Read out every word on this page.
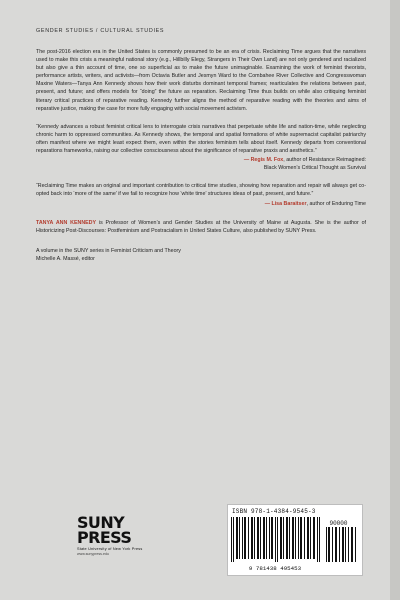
GENDER STUDIES / CULTURAL STUDIES

The post-2016 election era in the United States is commonly presumed to be an era of crisis. Reclaiming Time argues that the narratives used to make this crisis a meaningful national story (e.g., Hillbilly Elegy, Strangers in Their Own Land) are not only gendered and racialized but also give a thin account of time, one so superficial as to make the future unimaginable. Examining the work of feminist theorists, performance artists, writers, and activists—from Octavia Butler and Jesmyn Ward to the Combahee River Collective and Congresswoman Maxine Waters—Tanya Ann Kennedy shows how their work disturbs dominant temporal frames; rearticulates the relations between past, present, and future; and offers models for “doing” the future as reparation. Reclaiming Time thus builds on while also critiquing feminist literary critical practices of reparative reading. Kennedy further aligns the method of reparative reading with the theories and aims of reparative justice, making the case for more fully engaging with social movement activism.

“Kennedy advances a robust feminist critical lens to interrogate crisis narratives that perpetuate white life and nation-time, while neglecting chronic harm to oppressed communities. As Kennedy shows, the temporal and spatial formations of white supremacist capitalist patriarchy often manifest where we might least expect them, even within the stories feminism tells about itself. Kennedy departs from conventional reparations frameworks, raising our collective consciousness about the significance of reparative praxis and aesthetics.”

— Regis M. Fox, author of Resistance Reimagined:
Black Women’s Critical Thought as Survival

“Reclaiming Time makes an original and important contribution to critical time studies, showing how reparation and repair will always get co-opted back into ‘more of the same’ if we fail to recognize how ‘white time’ structures ideas of past, present, and future.”

— Lisa Baraitser, author of Enduring Time

TANYA ANN KENNEDY is Professor of Women’s and Gender Studies at the University of Maine at Augusta. She is the author of Historicizing Post-Discourses: Postfeminism and Postracialism in United States Culture, also published by SUNY Press.

A volume in the SUNY series in Feminist Criticism and Theory
Michelle A. Massé, editor
SUNY
PRESS
State University of New York Press
www.sunypress.edu
ISBN 978-1-4384-9545-3
90000
9 781438 495453
